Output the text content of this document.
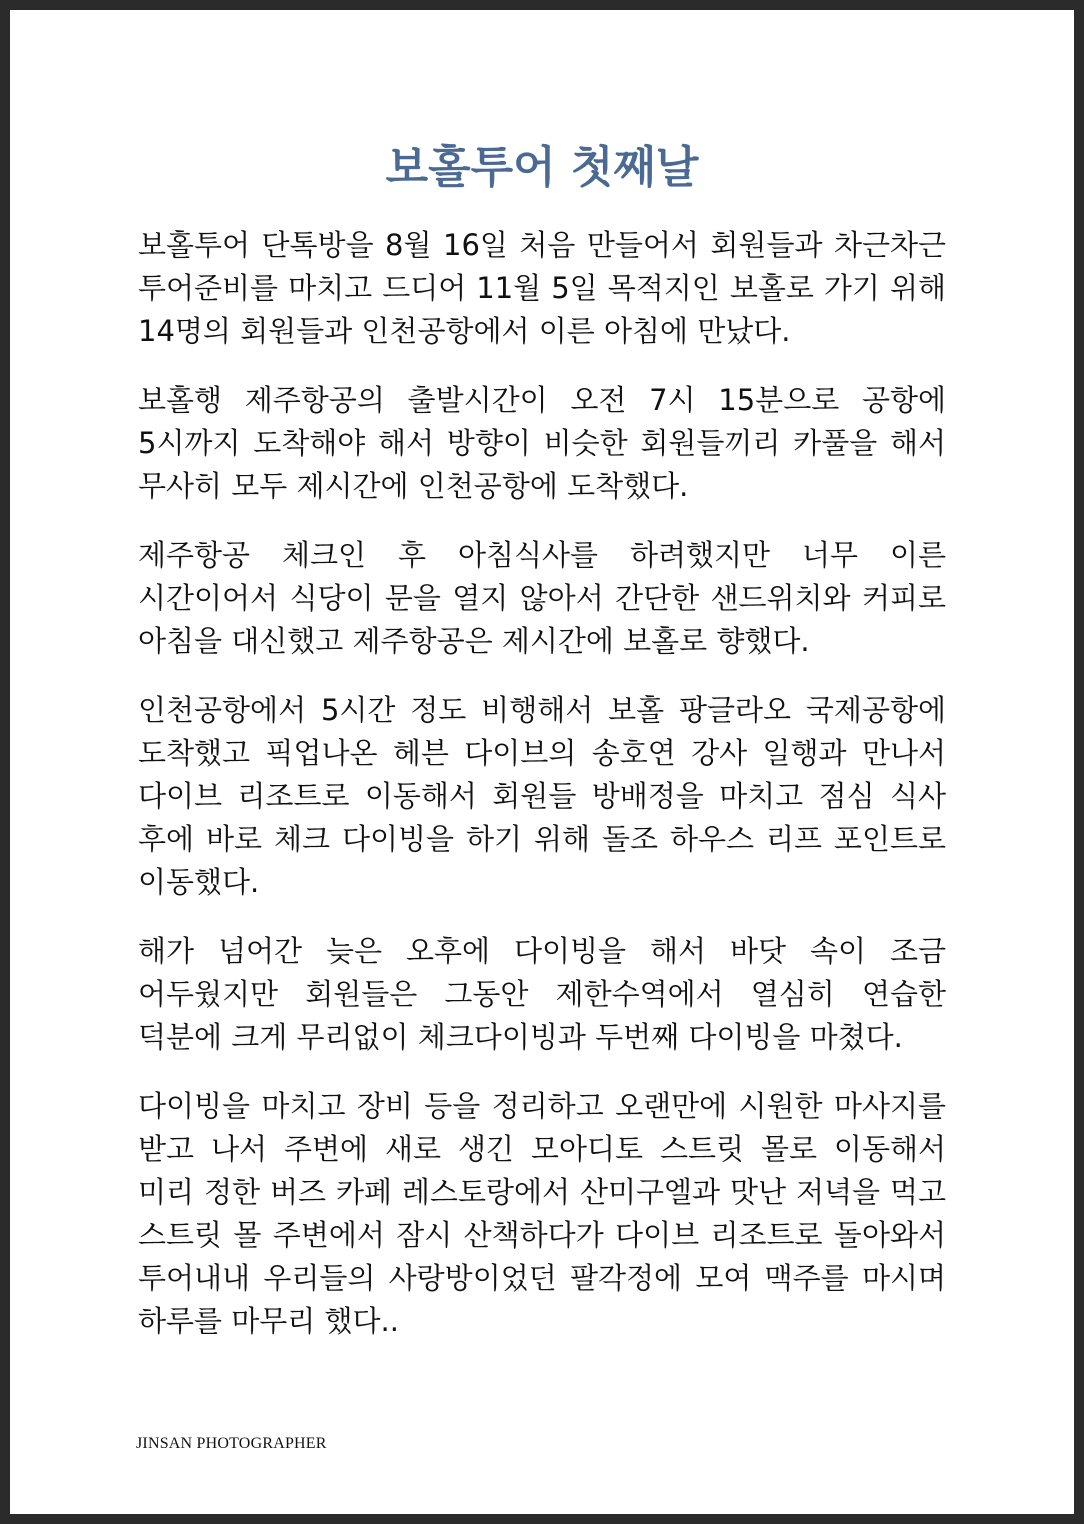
보홀투어 첫째날

보홀투어 단톡방을 8월 16일 처음 만들어서 회원들과 차근차근 투어준비를 마치고 드디어 11월 5일 목적지인 보홀로 가기 위해 14명의 회원들과 인천공항에서 이른 아침에 만났다.

보홀행 제주항공의 출발시간이 오전 7시 15분으로 공항에 5시까지 도착해야 해서 방향이 비슷한 회원들끼리 카풀을 해서 무사히 모두 제시간에 인천공항에 도착했다.

제주항공 체크인 후 아침식사를 하려했지만 너무 이른 시간이어서 식당이 문을 열지 않아서 간단한 샌드위치와 커피로 아침을 대신했고 제주항공은 제시간에 보홀로 향했다.

인천공항에서 5시간 정도 비행해서 보홀 팡글라오 국제공항에 도착했고 픽업나온 헤븐 다이브의 송호연 강사 일행과 만나서 다이브 리조트로 이동해서 회원들 방배정을 마치고 점심 식사 후에 바로 체크 다이빙을 하기 위해 돌조 하우스 리프 포인트로 이동했다.

해가 넘어간 늦은 오후에 다이빙을 해서 바닷 속이 조금 어두웠지만 회원들은 그동안 제한수역에서 열심히 연습한 덕분에 크게 무리없이 체크다이빙과 두번째 다이빙을 마쳤다.

다이빙을 마치고 장비 등을 정리하고 오랜만에 시원한 마사지를 받고 나서 주변에 새로 생긴 모아디토 스트릿 몰로 이동해서 미리 정한 버즈 카페 레스토랑에서 산미구엘과 맛난 저녁을 먹고 스트릿 몰 주변에서 잠시 산책하다가 다이브 리조트로 돌아와서 투어내내 우리들의 사랑방이었던 팔각정에 모여 맥주를 마시며 하루를 마무리 했다..

JINSAN PHOTOGRAPHER
